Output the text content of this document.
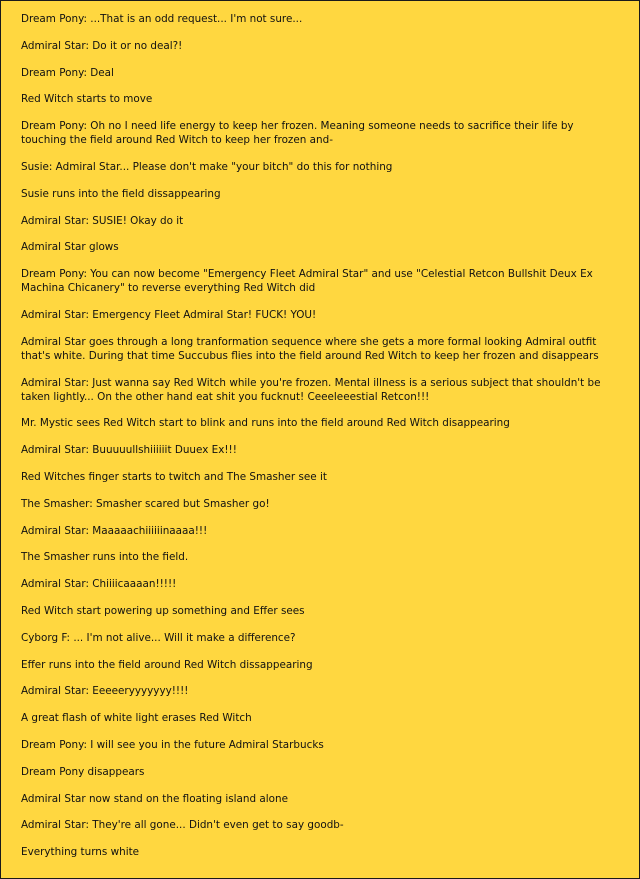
Dream Pony: ...That is an odd request... I'm not sure...

Admiral Star: Do it or no deal?!

Dream Pony: Deal

Red Witch starts to move

Dream Pony: Oh no I need life energy to keep her frozen. Meaning someone needs to sacrifice their life by touching the field around Red Witch to keep her frozen and-

Susie: Admiral Star... Please don't make "your bitch" do this for nothing

Susie runs into the field dissappearing

Admiral Star: SUSIE! Okay do it

Admiral Star glows

Dream Pony: You can now become "Emergency Fleet Admiral Star" and use "Celestial Retcon Bullshit Deux Ex Machina Chicanery" to reverse everything Red Witch did

Admiral Star: Emergency Fleet Admiral Star! FUCK! YOU!

Admiral Star goes through a long tranformation sequence where she gets a more formal looking Admiral outfit that's white. During that time Succubus flies into the field around Red Witch to keep her frozen and disappears

Admiral Star: Just wanna say Red Witch while you're frozen. Mental illness is a serious subject that shouldn't be taken lightly... On the other hand eat shit you fucknut! Ceeeleeestial Retcon!!!

Mr. Mystic sees Red Witch start to blink and runs into the field around Red Witch disappearing

Admiral Star: Buuuuullshiiiiiit Duuex Ex!!!

Red Witches finger starts to twitch and The Smasher see it

The Smasher: Smasher scared but Smasher go!

Admiral Star: Maaaaachiiiiiinaaaa!!!

The Smasher runs into the field.

Admiral Star: Chiiiicaaaan!!!!!

Red Witch start powering up something and Effer sees

Cyborg F: ... I'm not alive... Will it make a difference?

Effer runs into the field around Red Witch dissappearing

Admiral Star: Eeeeeryyyyyyy!!!!

A great flash of white light erases Red Witch

Dream Pony: I will see you in the future Admiral Starbucks

Dream Pony disappears

Admiral Star now stand on the floating island alone

Admiral Star: They're all gone... Didn't even get to say goodb-

Everything turns white
